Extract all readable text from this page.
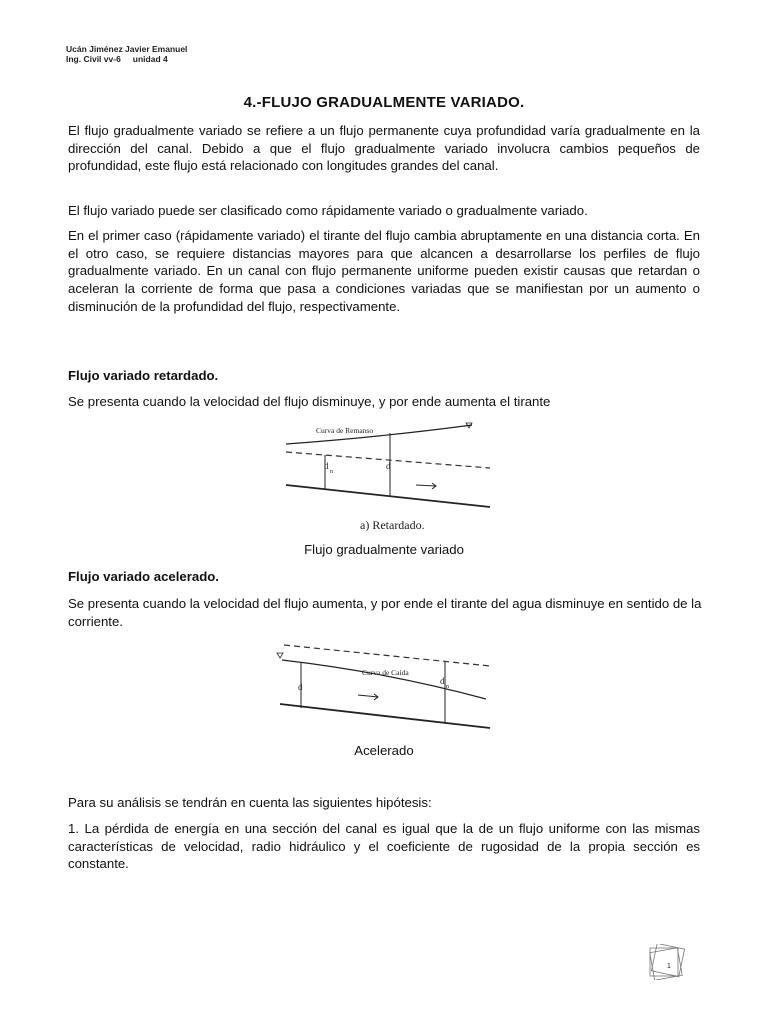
Ucán Jiménez Javier Emanuel
Ing. Civil vv-6 unidad 4
4.-FLUJO GRADUALMENTE VARIADO.

El flujo gradualmente variado se refiere a un flujo permanente cuya profundidad varía gradualmente en la dirección del canal. Debido a que el flujo gradualmente variado involucra cambios pequeños de profundidad, este flujo está relacionado con longitudes grandes del canal.

El flujo variado puede ser clasificado como rápidamente variado o gradualmente variado.

En el primer caso (rápidamente variado) el tirante del flujo cambia abruptamente en una distancia corta. En el otro caso, se requiere distancias mayores para que alcancen a desarrollarse los perfiles de flujo gradualmente variado. En un canal con flujo permanente uniforme pueden existir causas que retardan o aceleran la corriente de forma que pasa a condiciones variadas que se manifiestan por un aumento o disminución de la profundidad del flujo, respectivamente.

Flujo variado retardado.

Se presenta cuando la velocidad del flujo disminuye, y por ende aumenta el tirante

Curva de Remanso
d
n
d
a) Retardado.
Flujo gradualmente variado

Flujo variado acelerado.

Se presenta cuando la velocidad del flujo aumenta, y por ende el tirante del agua disminuye en sentido de la corriente.

Curva de Caída
d
d
n
Acelerado

Para su análisis se tendrán en cuenta las siguientes hipótesis:

1. La pérdida de energía en una sección del canal es igual que la de un flujo uniforme con las mismas características de velocidad, radio hidráulico y el coeficiente de rugosidad de la propia sección es constante.

1
